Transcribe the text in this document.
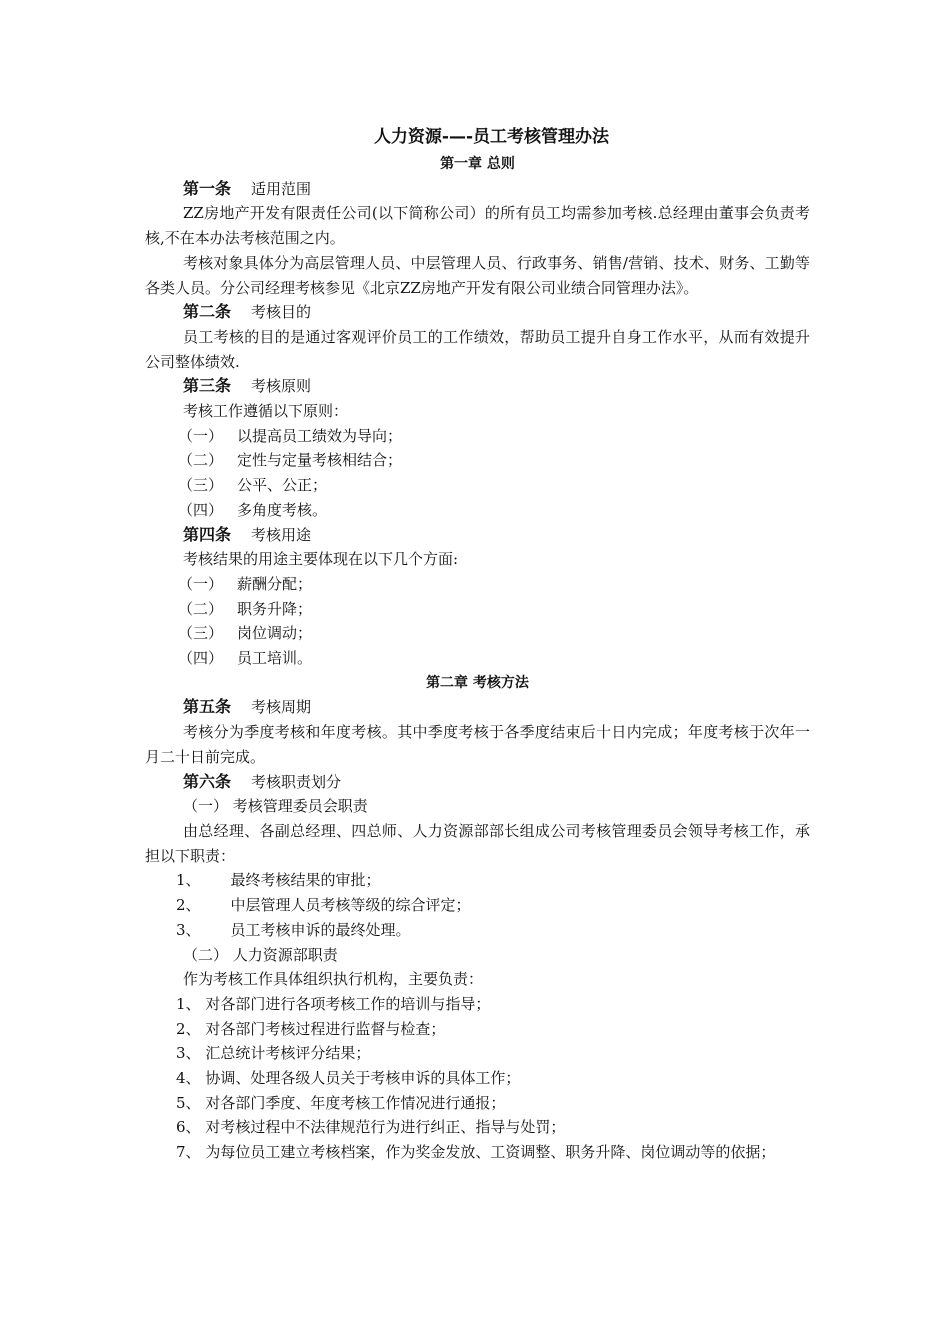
人力资源-—-员工考核管理办法
第一章 总则
第一条 适用范围
ZZ房地产开发有限责任公司(以下简称公司）的所有员工均需参加考核.总经理由董事会负责考核,不在本办法考核范围之内。
考核对象具体分为高层管理人员、中层管理人员、行政事务、销售/营销、技术、财务、工勤等各类人员。分公司经理考核参见《北京ZZ房地产开发有限公司业绩合同管理办法》。
第二条 考核目的
员工考核的目的是通过客观评价员工的工作绩效，帮助员工提升自身工作水平，从而有效提升公司整体绩效.
第三条 考核原则
考核工作遵循以下原则：
（一） 以提高员工绩效为导向；
（二） 定性与定量考核相结合；
（三） 公平、公正；
（四） 多角度考核。
第四条 考核用途
考核结果的用途主要体现在以下几个方面:
（一） 薪酬分配；
（二） 职务升降；
（三） 岗位调动；
（四） 员工培训。
第二章 考核方法
第五条 考核周期
考核分为季度考核和年度考核。其中季度考核于各季度结束后十日内完成；年度考核于次年一月二十日前完成。
第六条 考核职责划分
（一） 考核管理委员会职责
由总经理、各副总经理、四总师、人力资源部部长组成公司考核管理委员会领导考核工作，承担以下职责：
1、 最终考核结果的审批；
2、 中层管理人员考核等级的综合评定；
3、 员工考核申诉的最终处理。
（二） 人力资源部职责
作为考核工作具体组织执行机构，主要负责：
1、 对各部门进行各项考核工作的培训与指导；
2、 对各部门考核过程进行监督与检查；
3、 汇总统计考核评分结果；
4、 协调、处理各级人员关于考核申诉的具体工作；
5、 对各部门季度、年度考核工作情况进行通报；
6、 对考核过程中不法律规范行为进行纠正、指导与处罚；
7、 为每位员工建立考核档案，作为奖金发放、工资调整、职务升降、岗位调动等的依据；
